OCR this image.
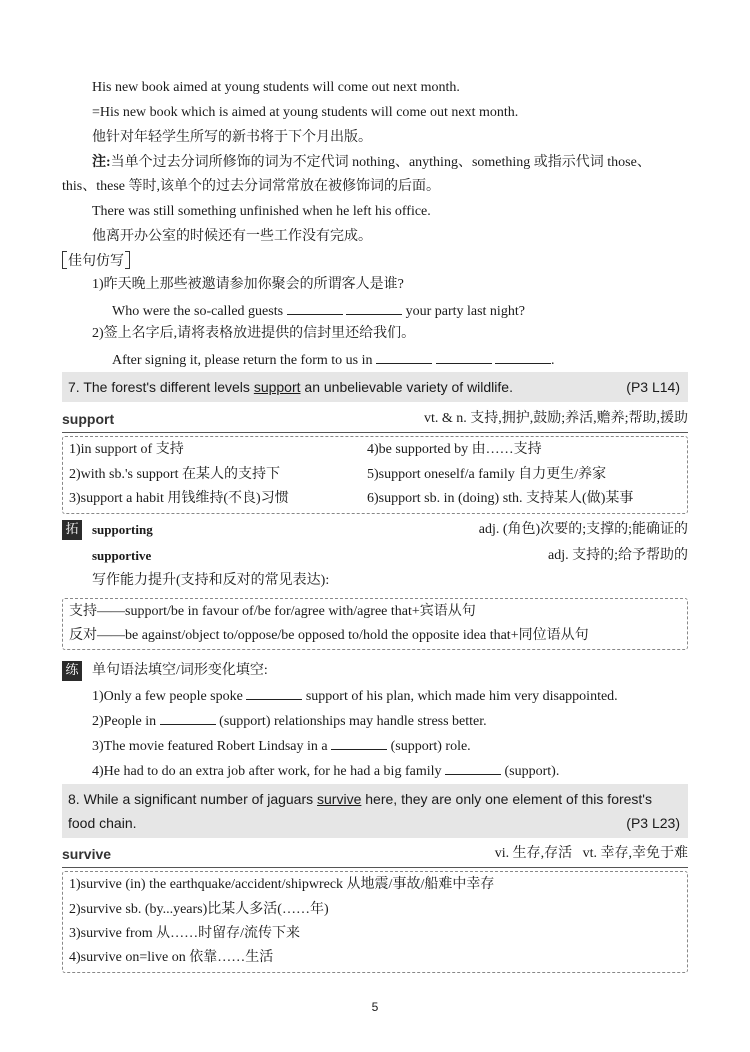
His new book aimed at young students will come out next month.
=His new book which is aimed at young students will come out next month.
他针对年轻学生所写的新书将于下个月出版。
注:当单个过去分词所修饰的词为不定代词 nothing、anything、something 或指示代词 those、
this、these 等时,该单个的过去分词常常放在被修饰词的后面。
There was still something unfinished when he left his office.
他离开办公室的时候还有一些工作没有完成。
佳句仿写
1)昨天晚上那些被邀请参加你聚会的所谓客人是谁?
Who were the so-called guests	your party last night?
2)签上名字后,请将表格放进提供的信封里还给我们。
After signing it, please return the form to us in	.
7. The forest's different levels support an unbelievable variety of wildlife.	(P3 L14)
support	vt. & n. 支持,拥护,鼓励;养活,赡养;帮助,援助
1)in support of 支持	4)be supported by 由……支持
2)with sb.'s support 在某人的支持下	5)support oneself/a family 自力更生/养家
3)support a habit 用钱维持(不良)习惯	6)support sb. in (doing) sth. 支持某人(做)某事
拓 supporting	adj. (角色)次要的;支撑的;能确证的
supportive	adj. 支持的;给予帮助的
写作能力提升(支持和反对的常见表达):
支持——support/be in favour of/be for/agree with/agree that+宾语从句
反对——be against/object to/oppose/be opposed to/hold the opposite idea that+同位语从句
练 单句语法填空/词形变化填空:
1)Only a few people spoke	support of his plan, which made him very disappointed.
2)People in	(support) relationships may handle stress better.
3)The movie featured Robert Lindsay in a	(support) role.
4)He had to do an extra job after work, for he had a big family	(support).
8. While a significant number of jaguars survive here, they are only one element of this forest's
food chain.	(P3 L23)
survive	vi. 生存,存活   vt. 幸存,幸免于难
1)survive (in) the earthquake/accident/shipwreck 从地震/事故/船难中幸存
2)survive sb. (by...years)比某人多活(……年)
3)survive from 从……时留存/流传下来
4)survive on=live on 依靠……生活
5
